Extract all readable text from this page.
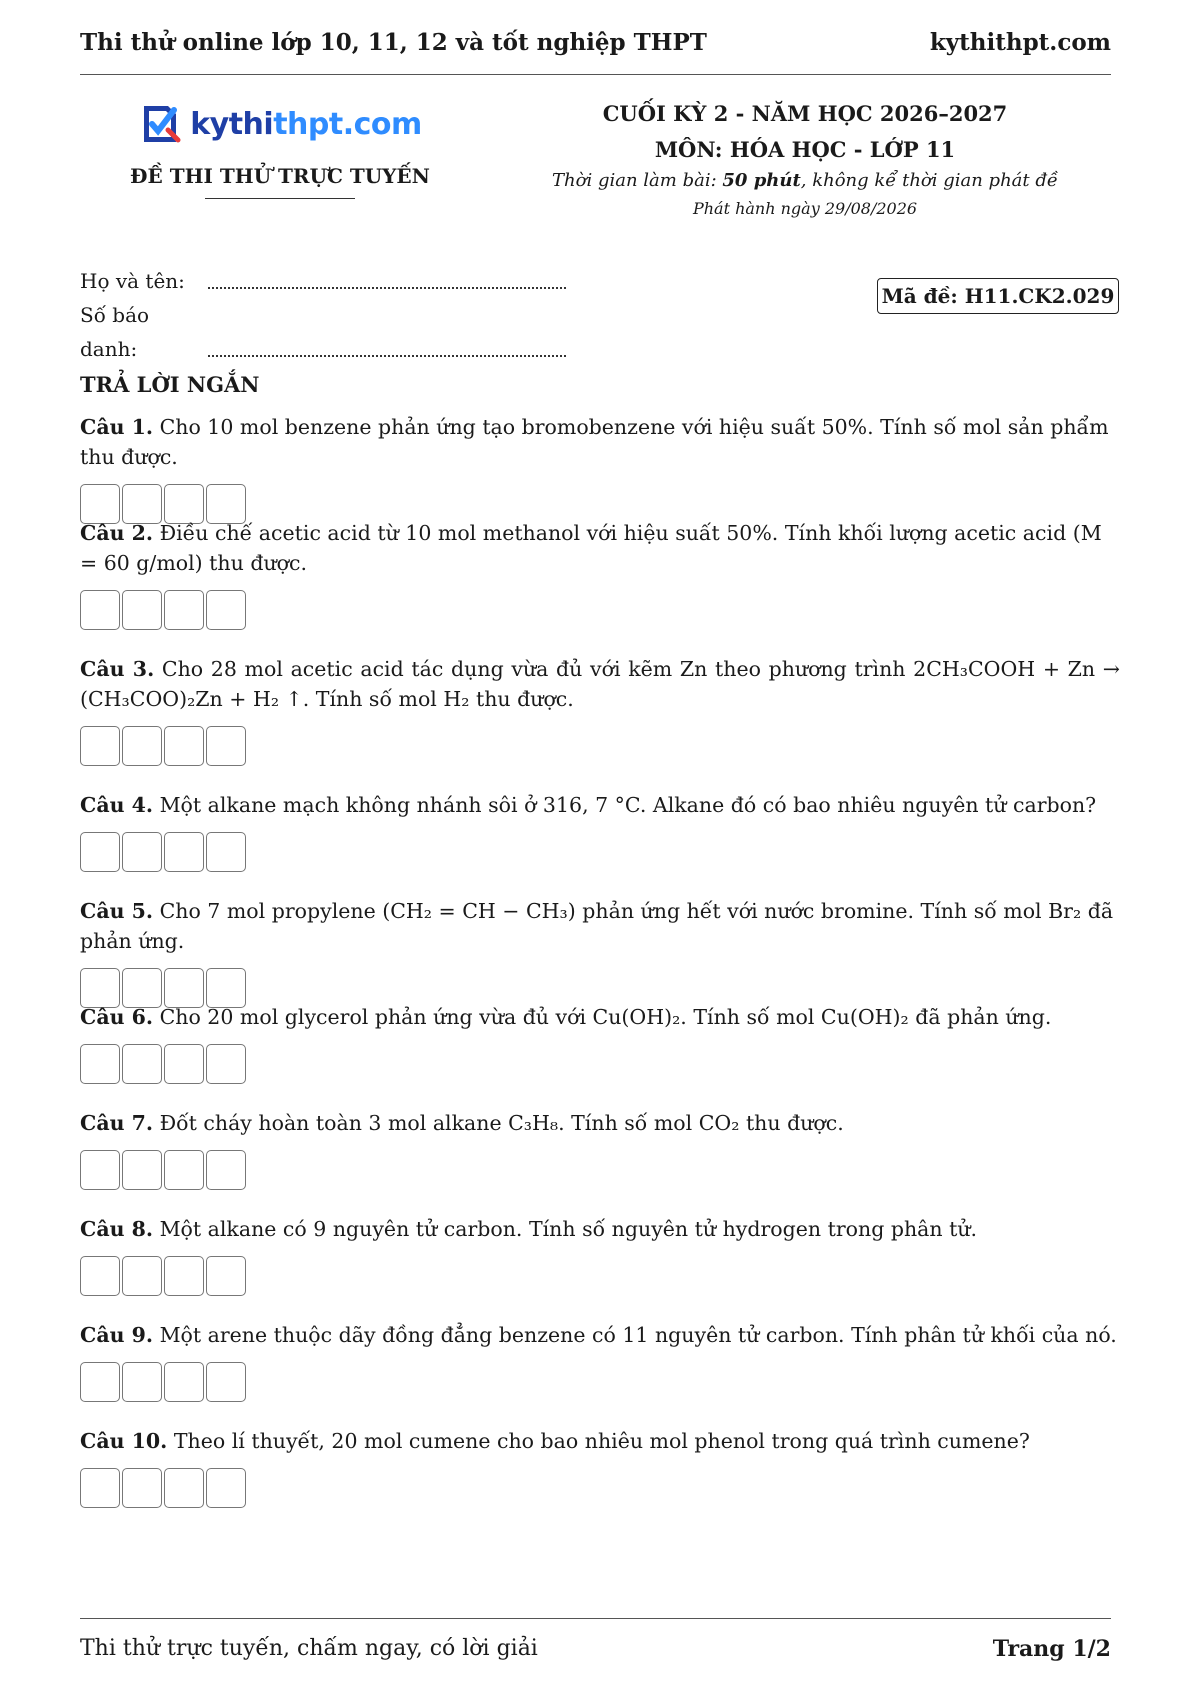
Thi thử online lớp 10, 11, 12 và tốt nghiệp THPT	kythithpt.com
kythithpt.com
ĐỀ THI THỬ TRỰC TUYẾN
CUỐI KỲ 2 - NĂM HỌC 2026–2027
MÔN: HÓA HỌC - LỚP 11
Thời gian làm bài: 50 phút, không kể thời gian phát đề
Phát hành ngày 29/08/2026
Họ và tên:
Số báo danh:
Mã đề: H11.CK2.029
TRẢ LỜI NGẮN
Câu 1. Cho 10 mol benzene phản ứng tạo bromobenzene với hiệu suất 50%. Tính số mol sản phẩm thu được.
Câu 2. Điều chế acetic acid từ 10 mol methanol với hiệu suất 50%. Tính khối lượng acetic acid (M = 60 g/mol) thu được.
Câu 3. Cho 28 mol acetic acid tác dụng vừa đủ với kẽm Zn theo phương trình 2CH₃COOH + Zn → (CH₃COO)₂Zn + H₂ ↑. Tính số mol H₂ thu được.
Câu 4. Một alkane mạch không nhánh sôi ở 316, 7 °C. Alkane đó có bao nhiêu nguyên tử carbon?
Câu 5. Cho 7 mol propylene (CH₂ = CH − CH₃) phản ứng hết với nước bromine. Tính số mol Br₂ đã phản ứng.
Câu 6. Cho 20 mol glycerol phản ứng vừa đủ với Cu(OH)₂. Tính số mol Cu(OH)₂ đã phản ứng.
Câu 7. Đốt cháy hoàn toàn 3 mol alkane C₃H₈. Tính số mol CO₂ thu được.
Câu 8. Một alkane có 9 nguyên tử carbon. Tính số nguyên tử hydrogen trong phân tử.
Câu 9. Một arene thuộc dãy đồng đẳng benzene có 11 nguyên tử carbon. Tính phân tử khối của nó.
Câu 10. Theo lí thuyết, 20 mol cumene cho bao nhiêu mol phenol trong quá trình cumene?
Thi thử trực tuyến, chấm ngay, có lời giải	Trang 1/2
